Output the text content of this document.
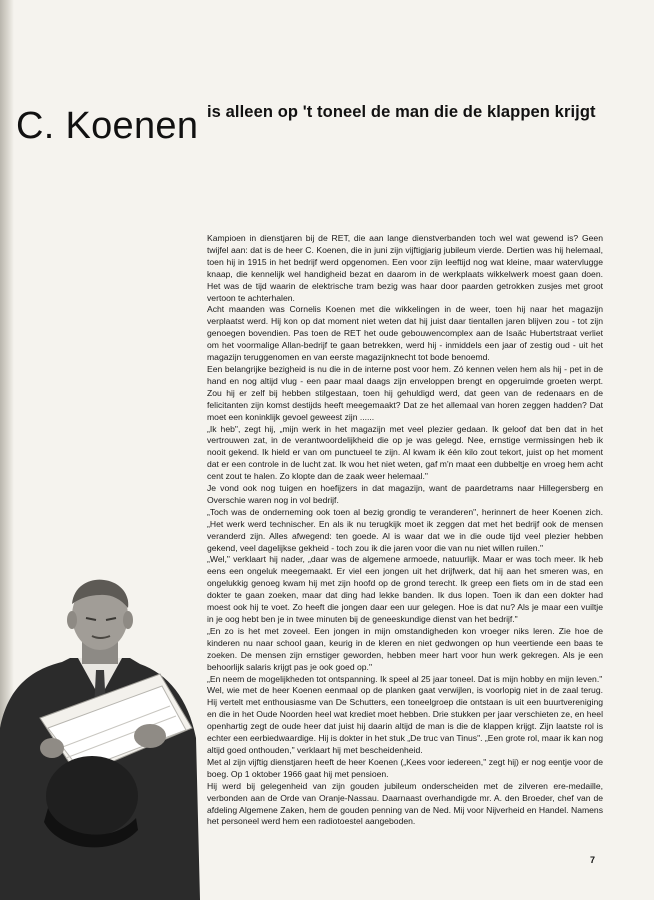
C. Koenen is alleen op 't toneel de man die de klappen krijgt

Kampioen in dienstjaren bij de RET, die aan lange dienstverbanden toch wel wat gewend is? Geen twijfel aan: dat is de heer C. Koenen, die in juni zijn vijftigjarig jubileum vierde. Dertien was hij helemaal, toen hij in 1915 in het bedrijf werd opgenomen. Een voor zijn leeftijd nog wat kleine, maar watervlugge knaap, die kennelijk wel handigheid bezat en daarom in de werkplaats wikkelwerk moest gaan doen. Het was de tijd waarin de elektrische tram bezig was haar door paarden getrokken zusjes met groot vertoon te achterhalen.

Acht maanden was Cornelis Koenen met die wikkelingen in de weer, toen hij naar het magazijn verplaatst werd. Hij kon op dat moment niet weten dat hij juist daar tientallen jaren blijven zou - tot zijn genoegen bovendien. Pas toen de RET het oude gebouwencomplex aan de Isaäc Hubertstraat verliet om het voormalige Allan-bedrijf te gaan betrekken, werd hij - inmiddels een jaar of zestig oud - uit het magazijn teruggenomen en van eerste magazijnknecht tot bode benoemd.

Een belangrijke bezigheid is nu die in de interne post voor hem. Zó kennen velen hem als hij - pet in de hand en nog altijd vlug - een paar maal daags zijn enveloppen brengt en opgeruimde groeten werpt. Zou hij er zelf bij hebben stilgestaan, toen hij gehuldigd werd, dat geen van de redenaars en de felicitanten zijn komst destijds heeft meegemaakt? Dat ze het allemaal van horen zeggen hadden? Dat moet een koninklijk gevoel geweest zijn ......

„Ik heb", zegt hij, „mijn werk in het magazijn met veel plezier gedaan. Ik geloof dat ben dat in het vertrouwen zat, in de verantwoordelijkheid die op je was gelegd. Nee, ernstige vermissingen heb ik nooit gekend. Ik hield er van om punctueel te zijn. Al kwam ik één kilo zout tekort, juist op het moment dat er een controle in de lucht zat. Ik wou het niet weten, gaf m'n maat een dubbeltje en vroeg hem acht cent zout te halen. Zo klopte dan de zaak weer helemaal."

Je vond ook nog tuigen en hoefijzers in dat magazijn, want de paardetrams naar Hillegersberg en Overschie waren nog in vol bedrijf.

„Toch was de onderneming ook toen al bezig grondig te veranderen", herinnert de heer Koenen zich. „Het werk werd technischer. En als ik nu terugkijk moet ik zeggen dat met het bedrijf ook de mensen veranderd zijn. Alles afwegend: ten goede. Al is waar dat we in die oude tijd veel plezier hebben gekend, veel dagelijkse gekheid - toch zou ik die jaren voor die van nu niet willen ruilen."

„Wel," verklaart hij nader, „daar was de algemene armoede, natuurlijk. Maar er was toch meer. Ik heb eens een ongeluk meegemaakt. Er viel een jongen uit het drijfwerk, dat hij aan het smeren was, en ongelukkig genoeg kwam hij met zijn hoofd op de grond terecht. Ik greep een fiets om in de stad een dokter te gaan zoeken, maar dat ding had lekke banden. Ik dus lopen. Toen ik dan een dokter had moest ook hij te voet. Zo heeft die jongen daar een uur gelegen. Hoe is dat nu? Als je maar een vuiltje in je oog hebt ben je in twee minuten bij de geneeskundige dienst van het bedrijf."

„En zo is het met zoveel. Een jongen in mijn omstandigheden kon vroeger niks leren. Zie hoe de kinderen nu naar school gaan, keurig in de kleren en niet gedwongen op hun veertiende een baas te zoeken. De mensen zijn ernstiger geworden, hebben meer hart voor hun werk gekregen. Als je een behoorlijk salaris krijgt pas je ook goed op."

„En neem de mogelijkheden tot ontspanning. Ik speel al 25 jaar toneel. Dat is mijn hobby en mijn leven."

Wel, wie met de heer Koenen eenmaal op de planken gaat verwijlen, is voorlopig niet in de zaal terug. Hij vertelt met enthousiasme van De Schutters, een toneelgroep die ontstaan is uit een buurtvereniging en die in het Oude Noorden heel wat krediet moet hebben. Drie stukken per jaar verschieten ze, en heel openhartig zegt de oude heer dat juist hij daarin altijd de man is die de klappen krijgt. Zijn laatste rol is echter een eerbiedwaardige. Hij is dokter in het stuk „De truc van Tinus". „Een grote rol, maar ik kan nog altijd goed onthouden," verklaart hij met bescheidenheid.

Met al zijn vijftig dienstjaren heeft de heer Koenen („Kees voor iedereen," zegt hij) er nog eentje voor de boeg. Op 1 oktober 1966 gaat hij met pensioen.

Hij werd bij gelegenheid van zijn gouden jubileum onderscheiden met de zilveren ere-medaille, verbonden aan de Orde van Oranje-Nassau. Daarnaast overhandigde mr. A. den Broeder, chef van de afdeling Algemene Zaken, hem de gouden penning van de Ned. Mij voor Nijverheid en Handel. Namens het personeel werd hem een radiotoestel aangeboden.

7
